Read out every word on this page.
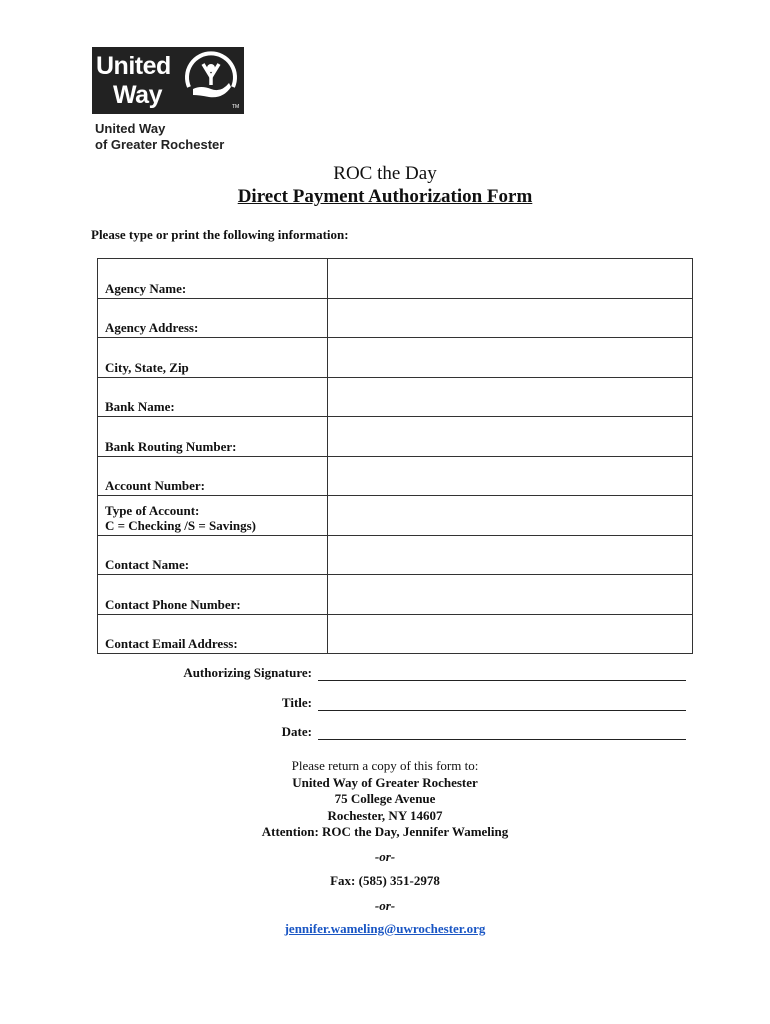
United
Way	TM
United Way
of Greater Rochester
ROC the Day
Direct Payment Authorization Form
Please type or print the following information:
Agency Name:	
Agency Address:	
City, State, Zip	
Bank Name:	
Bank Routing Number:	
Account Number:	

Type of Account:
C = Checking /S = Savings)	

Contact Name:	
Contact Phone Number:	
Contact Email Address:	
Authorizing Signature:
Title:
Date:
Please return a copy of this form to:
United Way of Greater Rochester
75 College Avenue
Rochester, NY 14607
Attention: ROC the Day, Jennifer Wameling
-or-
Fax: (585) 351-2978
-or-
jennifer.wameling@uwrochester.org
